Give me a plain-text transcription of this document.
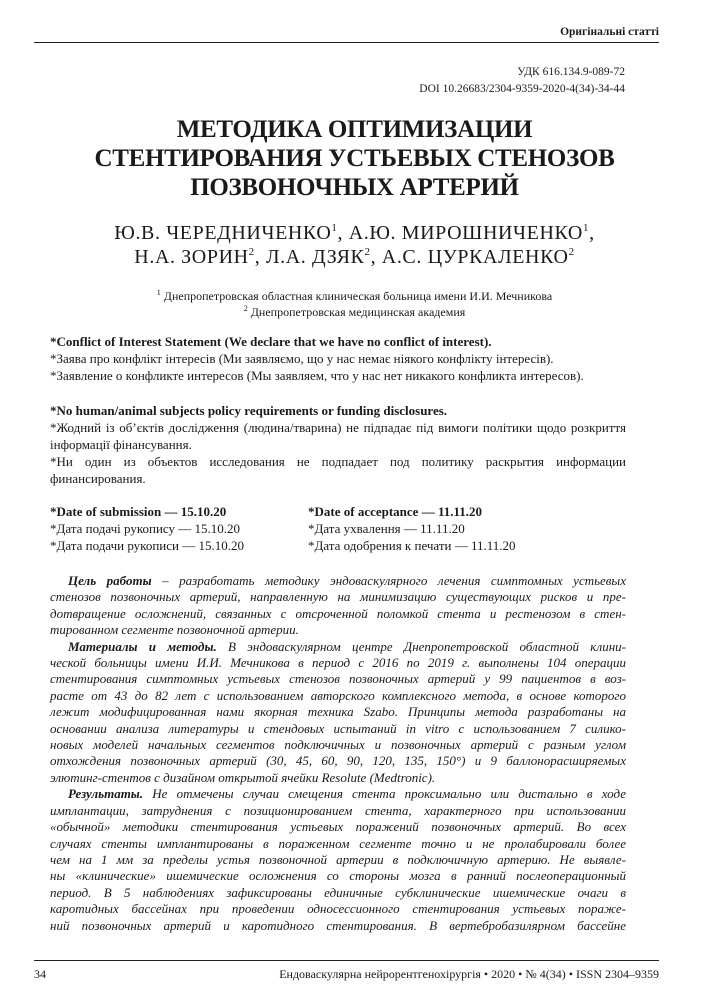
Оригінальні статті
УДК 616.134.9-089-72
DOI 10.26683/2304-9359-2020-4(34)-34-44
МЕТОДИКА ОПТИМИЗАЦИИ
СТЕНТИРОВАНИЯ УСТЬЕВЫХ СТЕНОЗОВ
ПОЗВОНОЧНЫХ АРТЕРИЙ
Ю.В. ЧЕРЕДНИЧЕНКО$^1$, А.Ю. МИРОШНИЧЕНКО$^1$,
Н.А. ЗОРИН$^2$, Л.А. ДЗЯК$^2$, А.С. ЦУРКАЛЕНКО$^2$
$^1$ Днепропетровская областная клиническая больница имени И.И. Мечникова
$^2$ Днепропетровская медицинская академия
*Conflict of Interest Statement (We declare that we have no conflict of interest).
*Заява про конфлікт інтересів (Ми заявляємо, що у нас немає ніякого конфлікту інтересів).
*Заявление о конфликте интересов (Мы заявляем, что у нас нет никакого конфликта интересов).
*No human/animal subjects policy requirements or funding disclosures.
*Жодний із об’єктів дослідження (людина/тварина) не підпадає під вимоги політики щодо розкриття інформації фінансування.
*Ни один из объектов исследования не подпадает под политику раскрытия информации финансирования.
*Date of submission — 15.10.20
*Дата подачі рукопису — 15.10.20
*Дата подачи рукописи — 15.10.20
*Date of acceptance — 11.11.20
*Дата ухвалення — 11.11.20
*Дата одобрения к печати — 11.11.20
Цель работы – разработать методику эндоваскулярного лечения симптомных устьевых
стенозов позвоночных артерий, направленную на минимизацию существующих рисков и пре-
дотвращение осложнений, связанных с отсроченной поломкой стента и рестенозом в стен-
тированном сегменте позвоночной артерии.
Материалы и методы. В эндоваскулярном центре Днепропетровской областной клини-
ческой больницы имени И.И. Мечникова в период с 2016 по 2019 г. выполнены 104 операции
стентирования симптомных устьевых стенозов позвоночных артерий у 99 пациентов в воз-
расте от 43 до 82 лет с использованием авторского комплексного метода, в основе которого
лежит модифицированная нами якорная техника Szabo. Принципы метода разработаны на
основании анализа литературы и стендовых испытаний in vitro с использованием 7 силико-
новых моделей начальных сегментов подключичных и позвоночных артерий с разным углом
отхождения позвоночных артерий (30, 45, 60, 90, 120, 135, 150°) и 9 баллонорасширяемых
элютинг-стентов с дизайном открытой ячейки Resolute (Medtronic).
Результаты. Не отмечены случаи смещения стента проксимально или дистально в ходе
имплантации, затруднения с позиционированием стента, характерного при использовании
«обычной» методики стентирования устьевых поражений позвоночных артерий. Во всех
случаях стенты имплантированы в пораженном сегменте точно и не пролабировали более
чем на 1 мм за пределы устья позвоночной артерии в подключичную артерию. Не выявле-
ны «клинические» ишемические осложнения со стороны мозга в ранний послеоперационный
период. В 5 наблюдениях зафиксированы единичные субклинические ишемические очаги в
каротидных бассейнах при проведении односессионного стентирования устьевых пораже-
ний позвоночных артерий и каротидного стентирования. В вертебробазилярном бассейне
34	Ендоваскулярна нейрорентгенохірургія • 2020 • № 4(34) • ISSN 2304–9359
